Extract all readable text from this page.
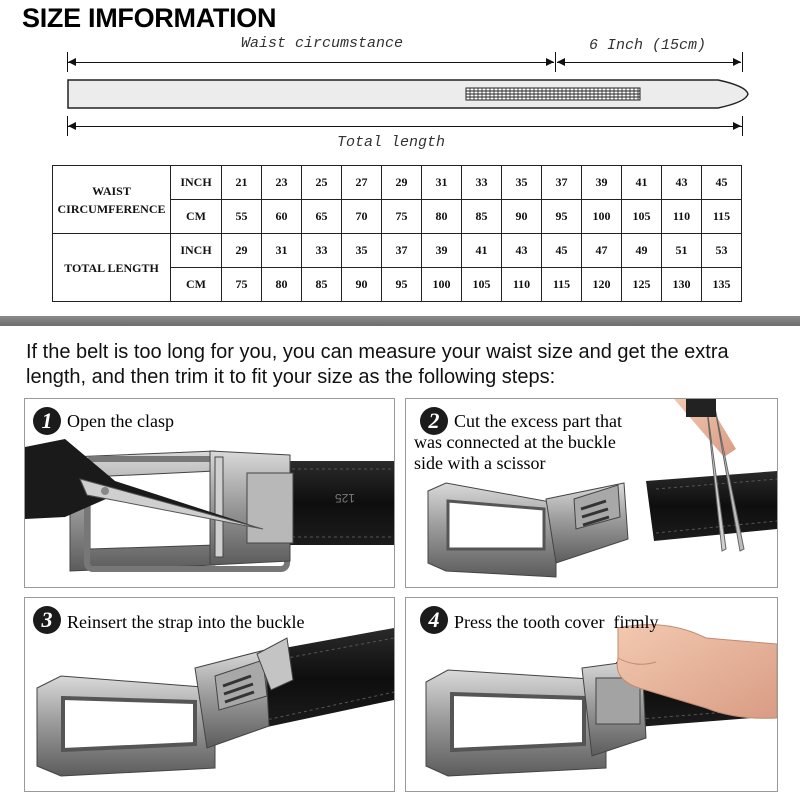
SIZE IMFORMATION
Waist circumstance	6 Inch (15cm)
Total length
WAIST CIRCUMFERENCE	INCH	21	23	25	27	29	31	33	35	37	39	41	43	45
	CM	55	60	65	70	75	80	85	90	95	100	105	110	115
TOTAL LENGTH	INCH	29	31	33	35	37	39	41	43	45	47	49	51	53
	CM	75	80	85	90	95	100	105	110	115	120	125	130	135
If the belt is too long for you, you can measure your waist size and get the extra length, and then trim it to fit your size as the following steps:
125
1 Open the clasp	2 Cut the excess part that was connected at the buckle side with a scissor
3 Reinsert the strap into the buckle	4 Press the tooth cover  firmly
